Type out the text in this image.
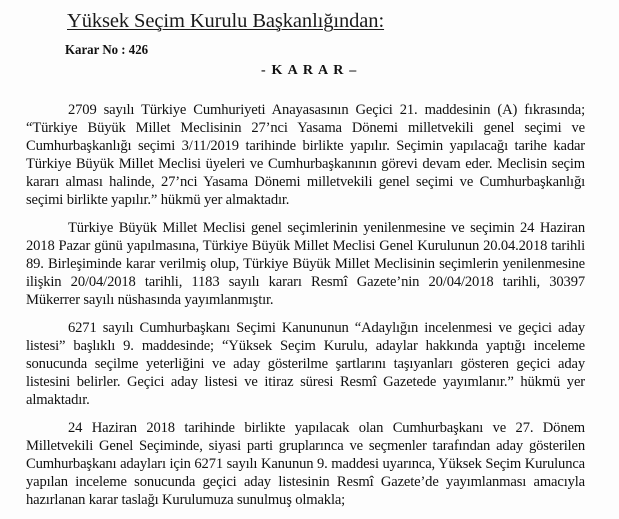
Yüksek Seçim Kurulu Başkanlığından:
Karar No : 426
- K A R A R –

2709 sayılı Türkiye Cumhuriyeti Anayasasının Geçici 21. maddesinin (A) fıkrasında; “Türkiye Büyük Millet Meclisinin 27’nci Yasama Dönemi milletvekili genel seçimi ve Cumhurbaşkanlığı seçimi 3/11/2019 tarihinde birlikte yapılır. Seçimin yapılacağı tarihe kadar Türkiye Büyük Millet Meclisi üyeleri ve Cumhurbaşkanının görevi devam eder. Meclisin seçim kararı alması halinde, 27’nci Yasama Dönemi milletvekili genel seçimi ve Cumhurbaşkanlığı seçimi birlikte yapılır.” hükmü yer almaktadır.

Türkiye Büyük Millet Meclisi genel seçimlerinin yenilenmesine ve seçimin 24 Haziran 2018 Pazar günü yapılmasına, Türkiye Büyük Millet Meclisi Genel Kurulunun 20.04.2018 tarihli 89. Birleşiminde karar verilmiş olup, Türkiye Büyük Millet Meclisinin seçimlerin yenilenmesine ilişkin 20/04/2018 tarihli, 1183 sayılı kararı Resmî Gazete’nin 20/04/2018 tarihli, 30397 Mükerrer sayılı nüshasında yayımlanmıştır.

6271 sayılı Cumhurbaşkanı Seçimi Kanununun “Adaylığın incelenmesi ve geçici aday listesi” başlıklı 9. maddesinde; “Yüksek Seçim Kurulu, adaylar hakkında yaptığı inceleme sonucunda seçilme yeterliğini ve aday gösterilme şartlarını taşıyanları gösteren geçici aday listesini belirler. Geçici aday listesi ve itiraz süresi Resmî Gazetede yayımlanır.” hükmü yer almaktadır.

24 Haziran 2018 tarihinde birlikte yapılacak olan Cumhurbaşkanı ve 27. Dönem Milletvekili Genel Seçiminde, siyasi parti gruplarınca ve seçmenler tarafından aday gösterilen Cumhurbaşkanı adayları için 6271 sayılı Kanunun 9. maddesi uyarınca, Yüksek Seçim Kurulunca yapılan inceleme sonucunda geçici aday listesinin Resmî Gazete’de yayımlanması amacıyla hazırlanan karar taslağı Kurulumuza sunulmuş olmakla;
